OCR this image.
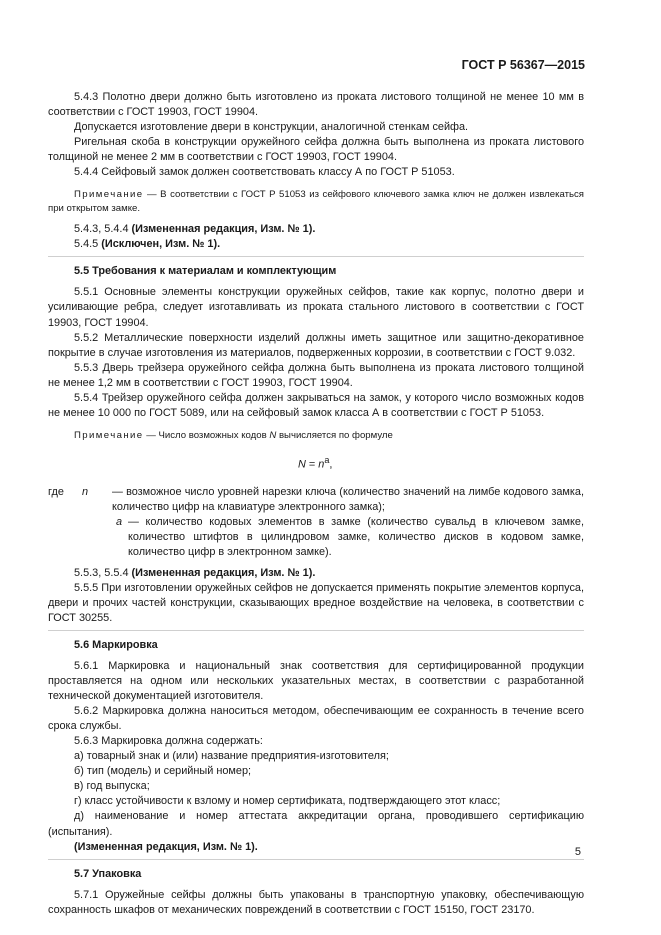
ГОСТ Р 56367—2015

5.4.3 Полотно двери должно быть изготовлено из проката листового толщиной не менее 10 мм в соответствии с ГОСТ 19903, ГОСТ 19904.

Допускается изготовление двери в конструкции, аналогичной стенкам сейфа.

Ригельная скоба в конструкции оружейного сейфа должна быть выполнена из проката листового толщиной не менее 2 мм в соответствии с ГОСТ 19903, ГОСТ 19904.

5.4.4 Сейфовый замок должен соответствовать классу А по ГОСТ Р 51053.

Примечание — В соответствии с ГОСТ Р 51053 из сейфового ключевого замка ключ не должен извлекаться при открытом замке.

5.4.3, 5.4.4 (Измененная редакция, Изм. № 1).

5.4.5 (Исключен, Изм. № 1).

5.5 Требования к материалам и комплектующим

5.5.1 Основные элементы конструкции оружейных сейфов, такие как корпус, полотно двери и усиливающие ребра, следует изготавливать из проката стального листового в соответствии с ГОСТ 19903, ГОСТ 19904.

5.5.2 Металлические поверхности изделий должны иметь защитное или защитно-декоративное покрытие в случае изготовления из материалов, подверженных коррозии, в соответствии с ГОСТ 9.032.

5.5.3 Дверь трейзера оружейного сейфа должна быть выполнена из проката листового толщиной не менее 1,2 мм в соответствии с ГОСТ 19903, ГОСТ 19904.

5.5.4 Трейзер оружейного сейфа должен закрываться на замок, у которого число возможных кодов не менее 10 000 по ГОСТ 5089, или на сейфовый замок класса А в соответствии с ГОСТ Р 51053.

Примечание — Число возможных кодов N вычисляется по формуле

$N = n^a$,

где	n	— возможное число уровней нарезки ключа (количество значений на лимбе кодового замка, количество цифр на клавиатуре электронного замка);
a — количество кодовых элементов в замке (количество сувальд в ключевом замке, количество штифтов в цилиндровом замке, количество дисков в кодовом замке, количество цифр в электронном замке).

5.5.3, 5.5.4 (Измененная редакция, Изм. № 1).

5.5.5 При изготовлении оружейных сейфов не допускается применять покрытие элементов корпуса, двери и прочих частей конструкции, сказывающих вредное воздействие на человека, в соответствии с ГОСТ 30255.

5.6 Маркировка

5.6.1 Маркировка и национальный знак соответствия для сертифицированной продукции проставляется на одном или нескольких указательных местах, в соответствии с разработанной технической документацией изготовителя.

5.6.2 Маркировка должна наноситься методом, обеспечивающим ее сохранность в течение всего срока службы.

5.6.3 Маркировка должна содержать:

а) товарный знак и (или) название предприятия-изготовителя;

б) тип (модель) и серийный номер;

в) год выпуска;

г) класс устойчивости к взлому и номер сертификата, подтверждающего этот класс;

д) наименование и номер аттестата аккредитации органа, проводившего сертификацию (испытания).

(Измененная редакция, Изм. № 1).

5.7 Упаковка

5.7.1 Оружейные сейфы должны быть упакованы в транспортную упаковку, обеспечивающую сохранность шкафов от механических повреждений в соответствии с ГОСТ 15150, ГОСТ 23170.

5
